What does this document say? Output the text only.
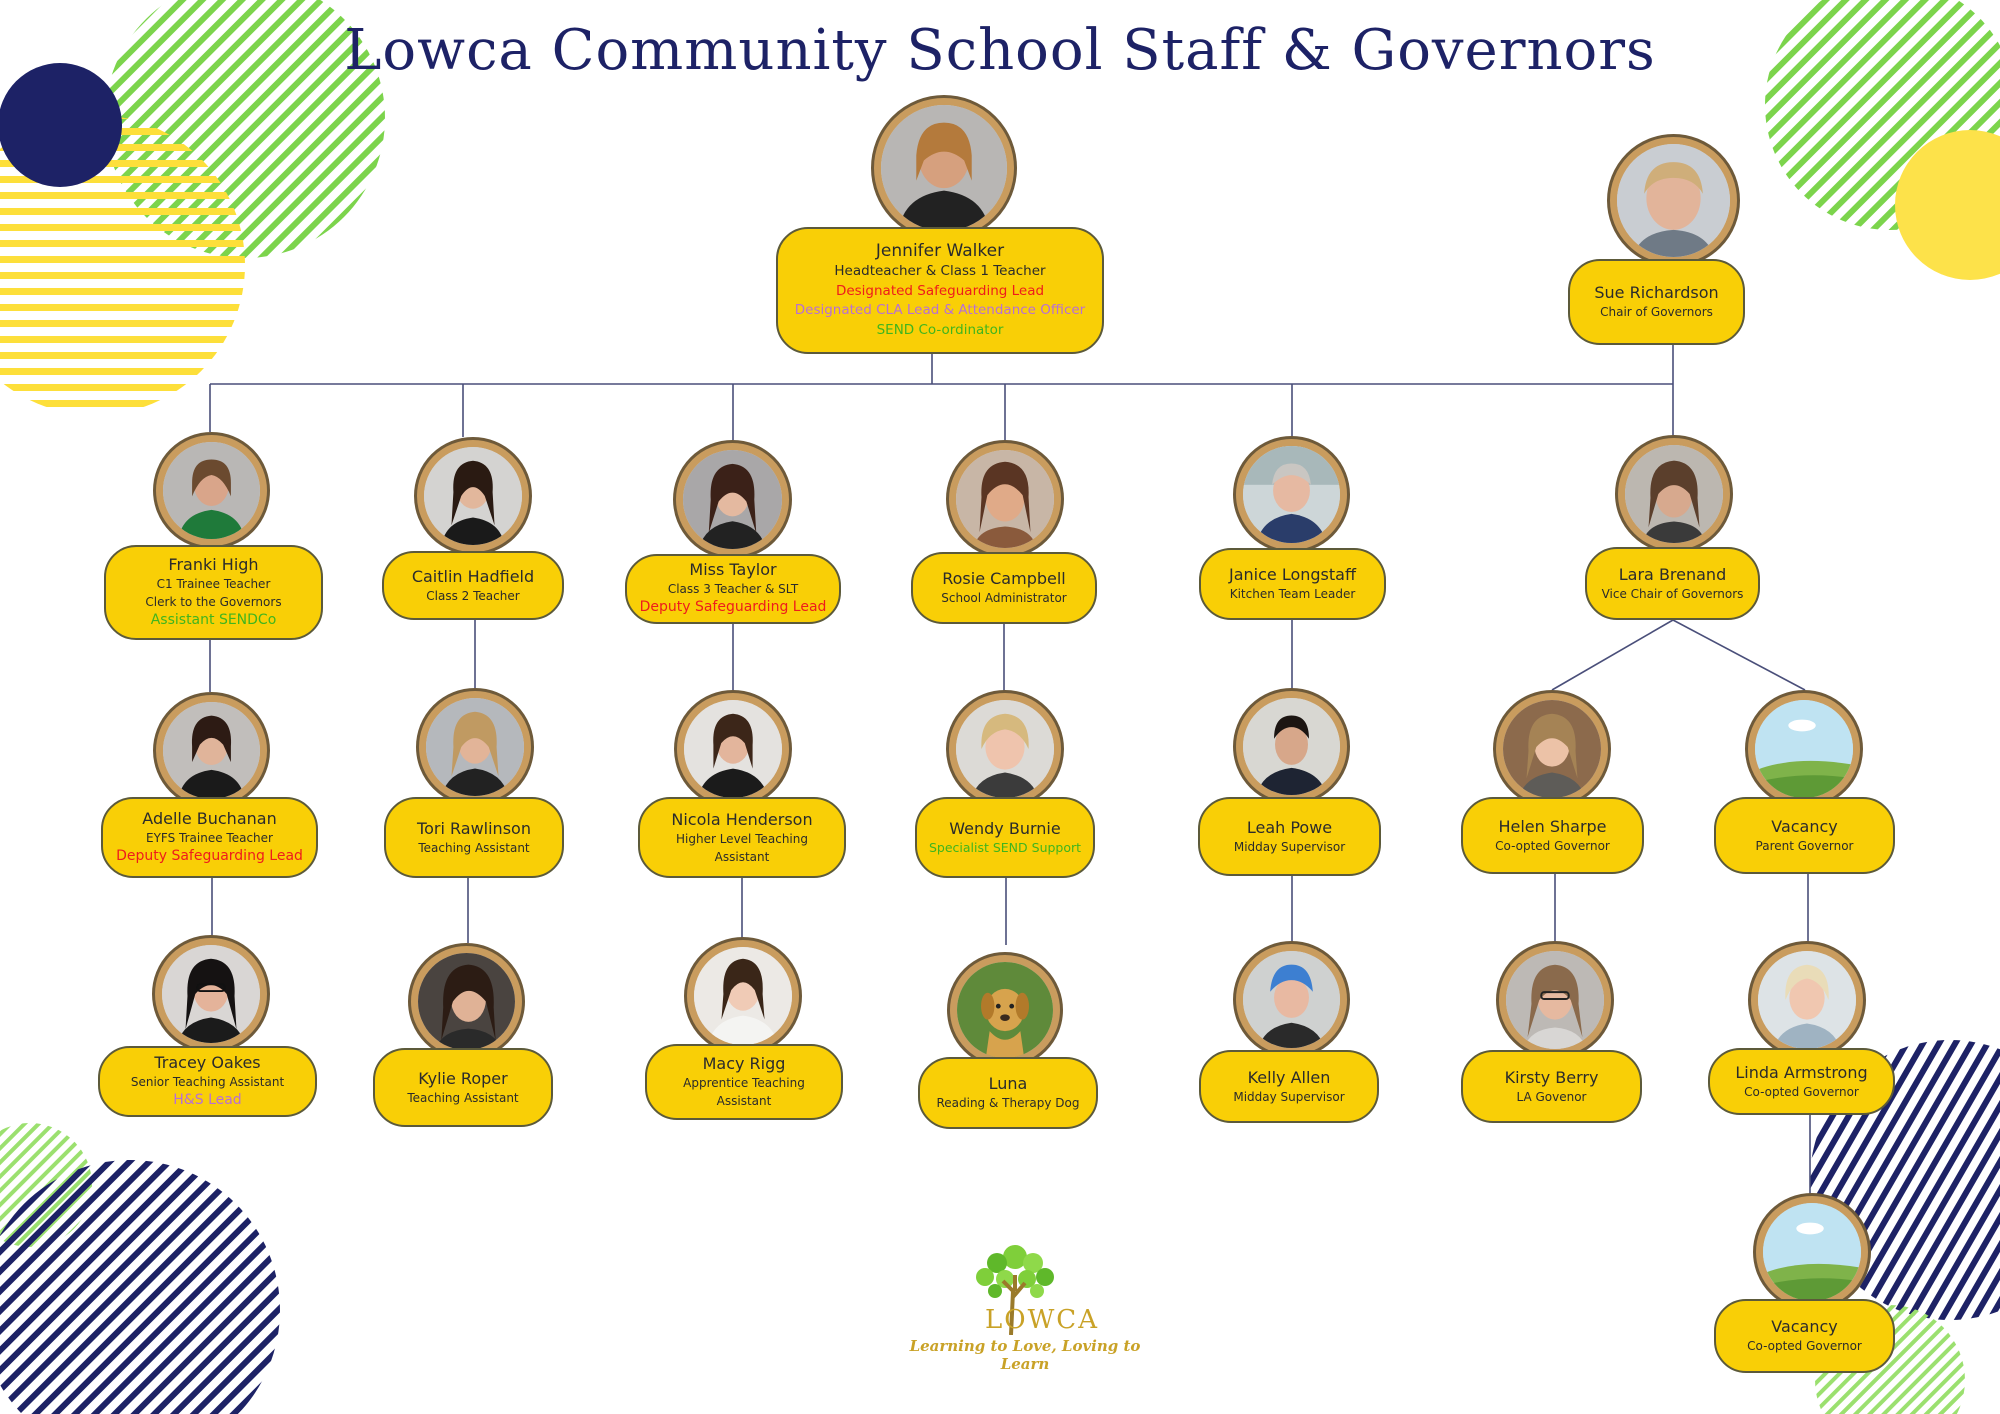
Lowca Community School Staff & Governors
Jennifer Walker
Headteacher & Class 1 Teacher
Designated Safeguarding Lead
Designated CLA Lead & Attendance Officer
SEND Co-ordinator
Sue Richardson
Chair of Governors
Franki High
C1 Trainee Teacher
Clerk to the Governors
Assistant SENDCo
Caitlin Hadfield
Class 2 Teacher
Miss Taylor
Class 3 Teacher & SLT
Deputy Safeguarding Lead
Rosie Campbell
School Administrator
Janice Longstaff
Kitchen Team Leader
Lara Brenand
Vice Chair of Governors
Adelle Buchanan
EYFS Trainee Teacher
Deputy Safeguarding Lead
Tori Rawlinson
Teaching Assistant
Nicola Henderson
Higher Level Teaching Assistant
Wendy Burnie
Specialist SEND Support
Leah Powe
Midday Supervisor
Helen Sharpe
Co-opted Governor
Vacancy
Parent Governor
Tracey Oakes
Senior Teaching Assistant
H&S Lead
Kylie Roper
Teaching Assistant
Macy Rigg
Apprentice Teaching Assistant
Luna
Reading & Therapy Dog
Kelly Allen
Midday Supervisor
Kirsty Berry
LA Govenor
Linda Armstrong
Co-opted Governor
Vacancy
Co-opted Governor
LOWCA
Learning to Love, Loving to Learn
